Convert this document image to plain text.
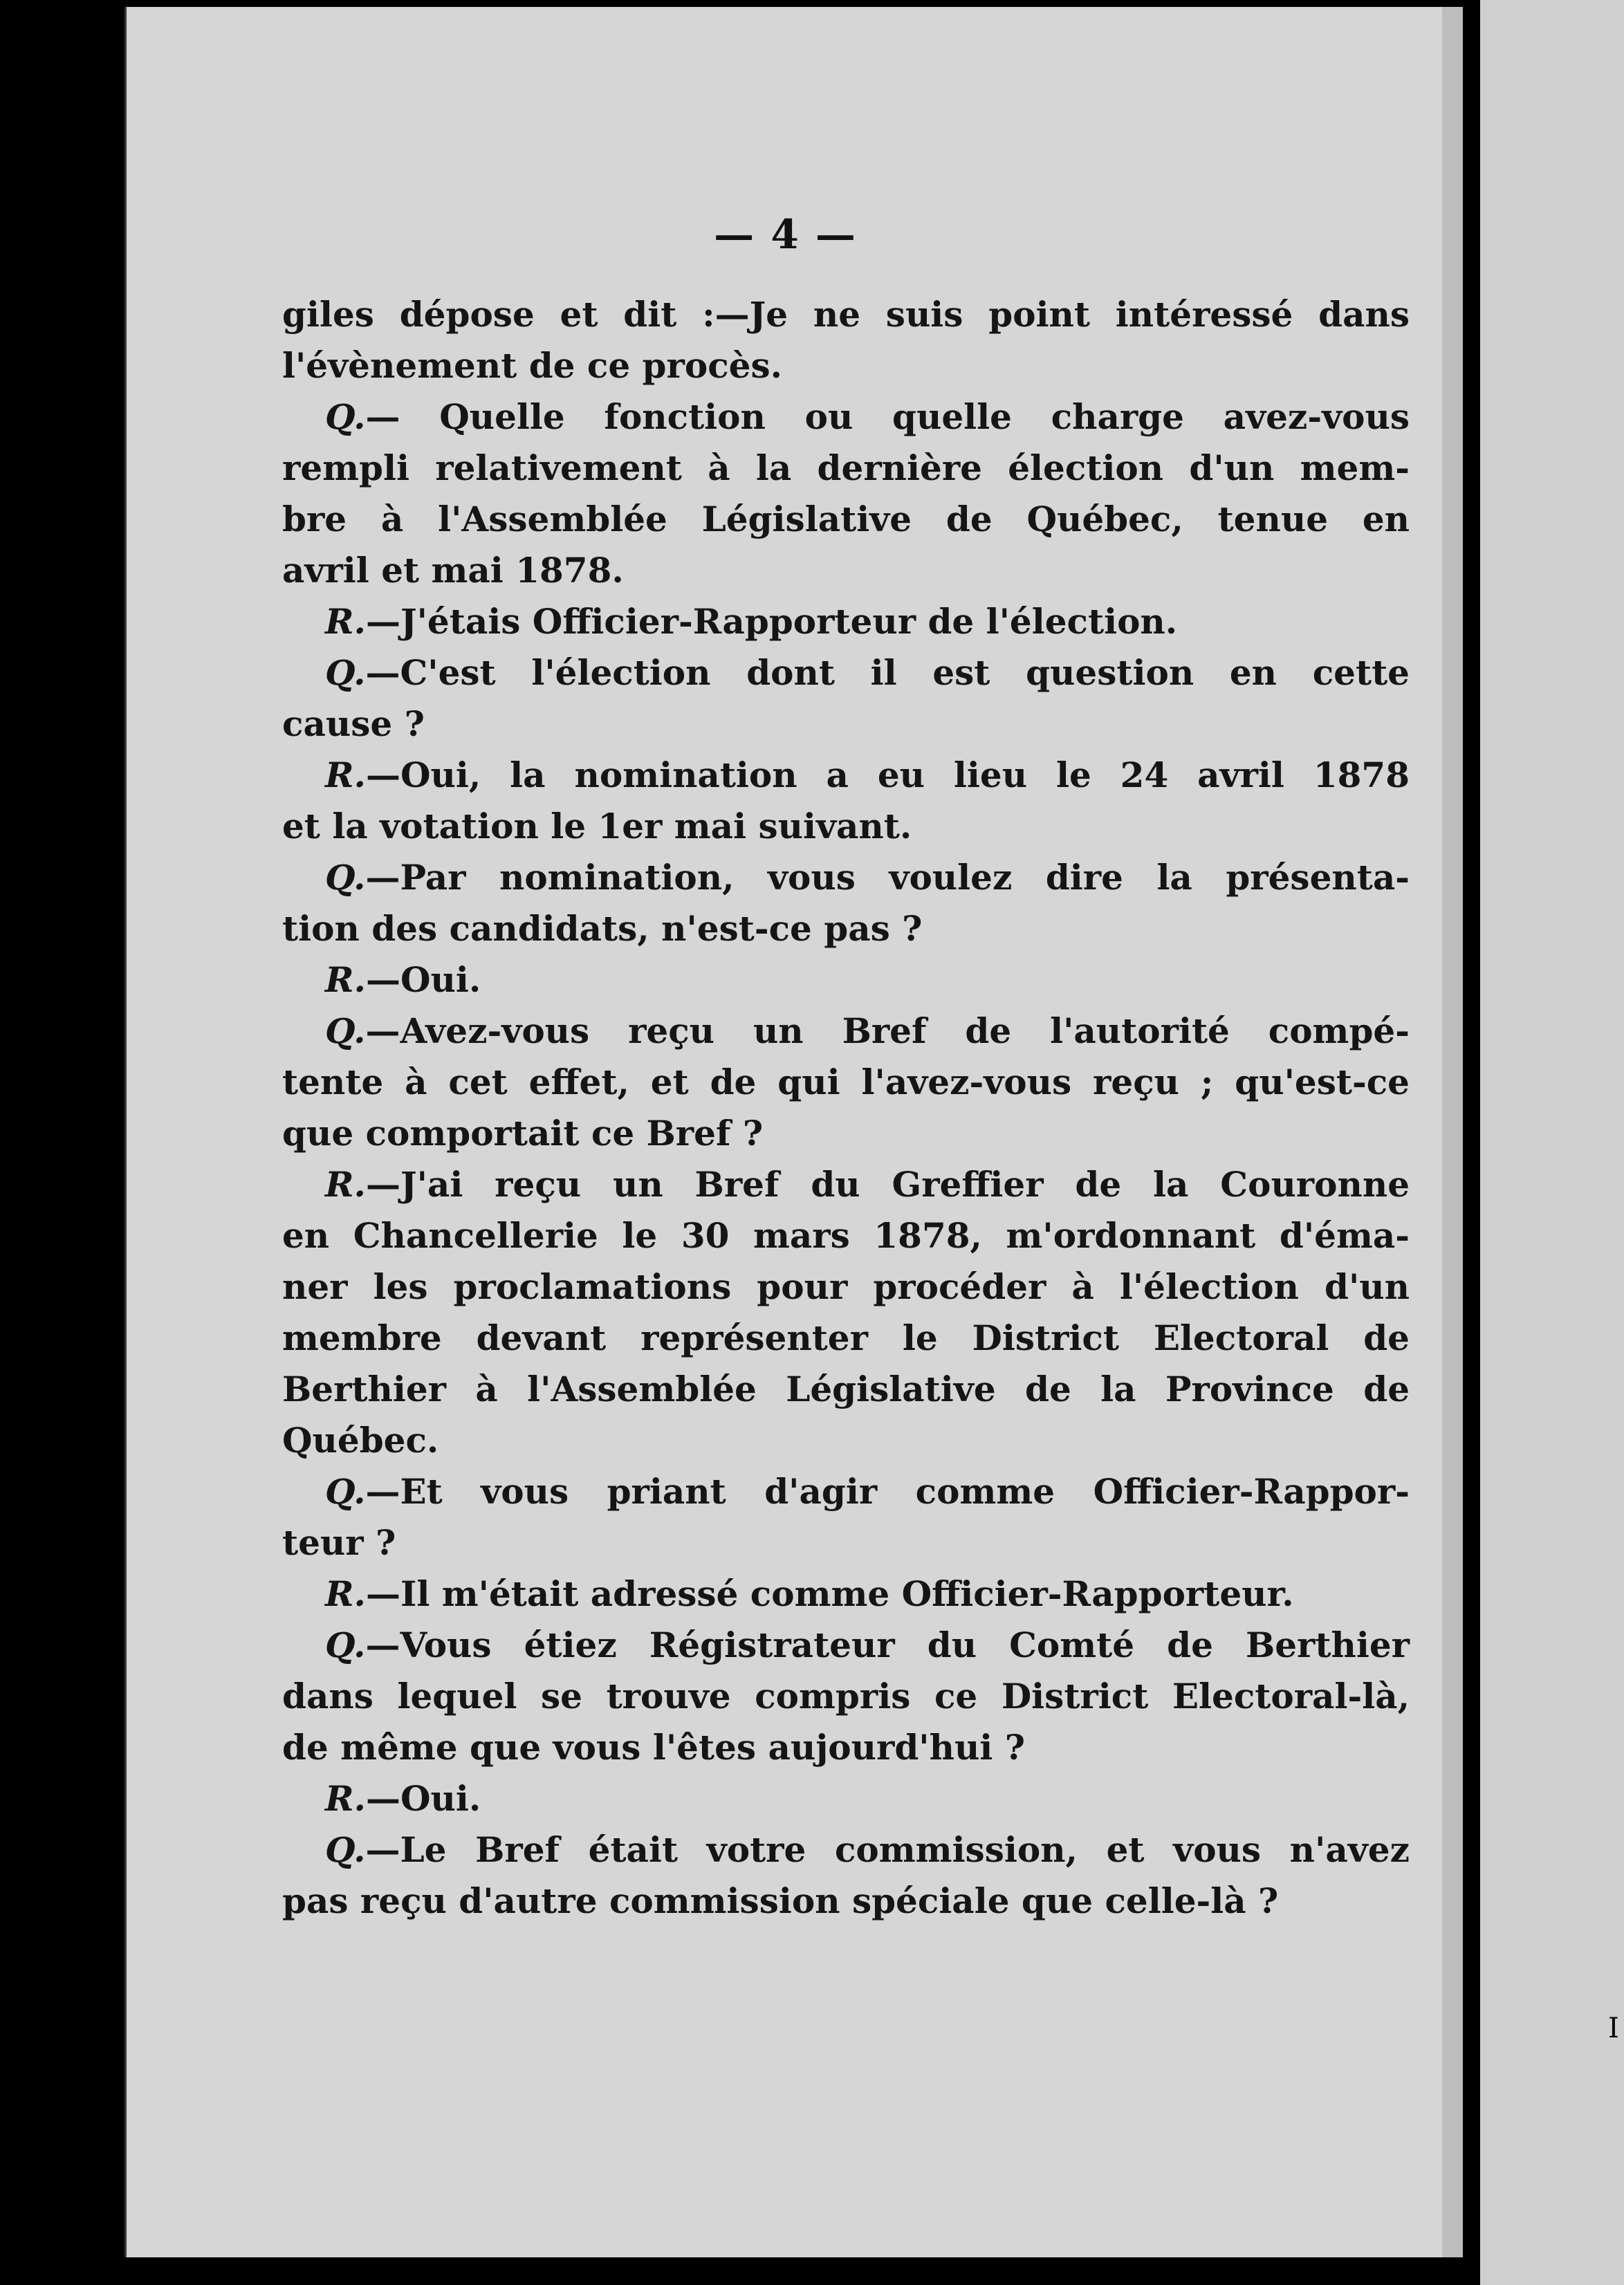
— 4 —
giles dépose et dit :—Je ne suis point intéressé dans
l'évènement de ce procès.
Q.— Quelle fonction ou quelle charge avez-vous
rempli relativement à la dernière élection d'un mem-
bre à l'Assemblée Législative de Québec, tenue en
avril et mai 1878.
R.—J'étais Officier-Rapporteur de l'élection.
Q.—C'est l'élection dont il est question en cette
cause ?
R.—Oui, la nomination a eu lieu le 24 avril 1878
et la votation le 1er mai suivant.
Q.—Par nomination, vous voulez dire la présenta-
tion des candidats, n'est-ce pas ?
R.—Oui.
Q.—Avez-vous reçu un Bref de l'autorité compé-
tente à cet effet, et de qui l'avez-vous reçu ; qu'est-ce
que comportait ce Bref ?
R.—J'ai reçu un Bref du Greffier de la Couronne
en Chancellerie le 30 mars 1878, m'ordonnant d'éma-
ner les proclamations pour procéder à l'élection d'un
membre devant représenter le District Electoral de
Berthier à l'Assemblée Législative de la Province de
Québec.
Q.—Et vous priant d'agir comme Officier-Rappor-
teur ?
R.—Il m'était adressé comme Officier-Rapporteur.
Q.—Vous étiez Régistrateur du Comté de Berthier
dans lequel se trouve compris ce District Electoral-là,
de même que vous l'êtes aujourd'hui ?
R.—Oui.
Q.—Le Bref était votre commission, et vous n'avez
pas reçu d'autre commission spéciale que celle-là ?
I
